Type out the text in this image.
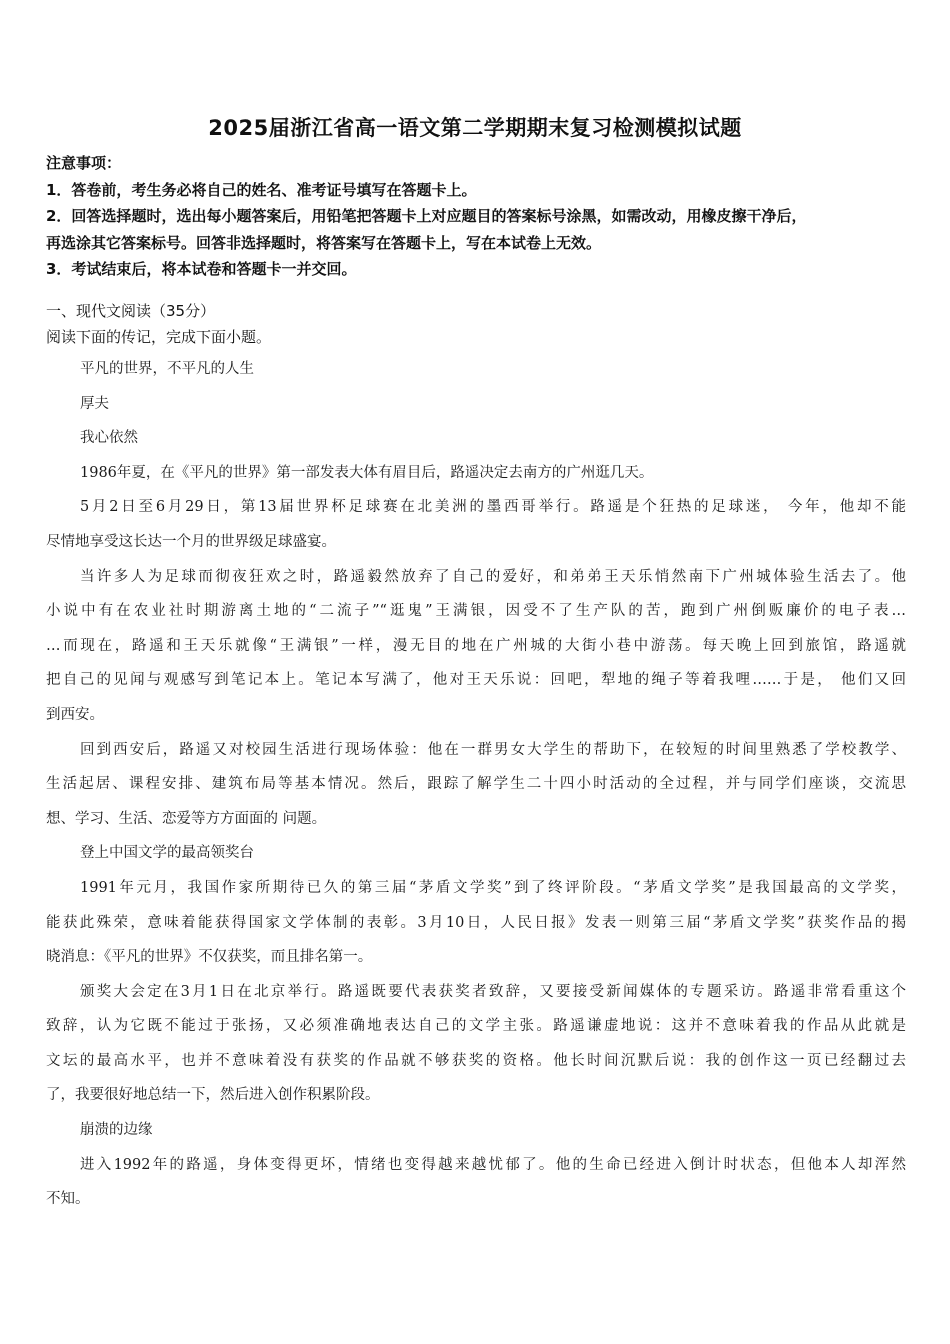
2025届浙江省高一语文第二学期期末复习检测模拟试题
注意事项：
1．答卷前，考生务必将自己的姓名、准考证号填写在答题卡上。
2．回答选择题时，选出每小题答案后，用铅笔把答题卡上对应题目的答案标号涂黑，如需改动，用橡皮擦干净后，
再选涂其它答案标号。回答非选择题时，将答案写在答题卡上，写在本试卷上无效。
3．考试结束后，将本试卷和答题卡一并交回。
一、现代文阅读（35分）
阅读下面的传记，完成下面小题。
平凡的世界，不平凡的人生
厚夫
我心依然
1986年夏，在《平凡的世界》第一部发表大体有眉目后，路遥决定去南方的广州逛几天。
5月2日至6月29日，第13届世界杯足球赛在北美洲的墨西哥举行。路遥是个狂热的足球迷， 今年，他却不能
尽情地享受这长达一个月的世界级足球盛宴。
当许多人为足球而彻夜狂欢之时，路遥毅然放弃了自己的爱好，和弟弟王天乐悄然南下广州城体验生活去了。他
小说中有在农业社时期游离土地的“二流子”“逛鬼”王满银，因受不了生产队的苦，跑到广州倒贩廉价的电子表…
…而现在，路遥和王天乐就像“王满银”一样，漫无目的地在广州城的大街小巷中游荡。每天晚上回到旅馆，路遥就
把自己的见闻与观感写到笔记本上。笔记本写满了，他对王天乐说：回吧，犁地的绳子等着我哩……于是， 他们又回
到西安。
回到西安后，路遥又对校园生活进行现场体验：他在一群男女大学生的帮助下，在较短的时间里熟悉了学校教学、
生活起居、课程安排、建筑布局等基本情况。然后，跟踪了解学生二十四小时活动的全过程，并与同学们座谈，交流思
想、学习、生活、恋爱等方方面面的 问题。
登上中国文学的最高领奖台
1991年元月，我国作家所期待已久的第三届“茅盾文学奖”到了终评阶段。“茅盾文学奖”是我国最高的文学奖，
能获此殊荣，意味着能获得国家文学体制的表彰。3月10日，人民日报》发表一则第三届“茅盾文学奖”获奖作品的揭
晓消息：《平凡的世界》不仅获奖，而且排名第一。
颁奖大会定在3月1日在北京举行。路遥既要代表获奖者致辞，又要接受新闻媒体的专题采访。路遥非常看重这个
致辞，认为它既不能过于张扬，又必须准确地表达自己的文学主张。路遥谦虚地说：这并不意味着我的作品从此就是
文坛的最高水平，也并不意味着没有获奖的作品就不够获奖的资格。他长时间沉默后说：我的创作这一页已经翻过去
了，我要很好地总结一下，然后进入创作积累阶段。
崩溃的边缘
进入1992年的路遥，身体变得更坏，情绪也变得越来越忧郁了。他的生命已经进入倒计时状态，但他本人却浑然
不知。
